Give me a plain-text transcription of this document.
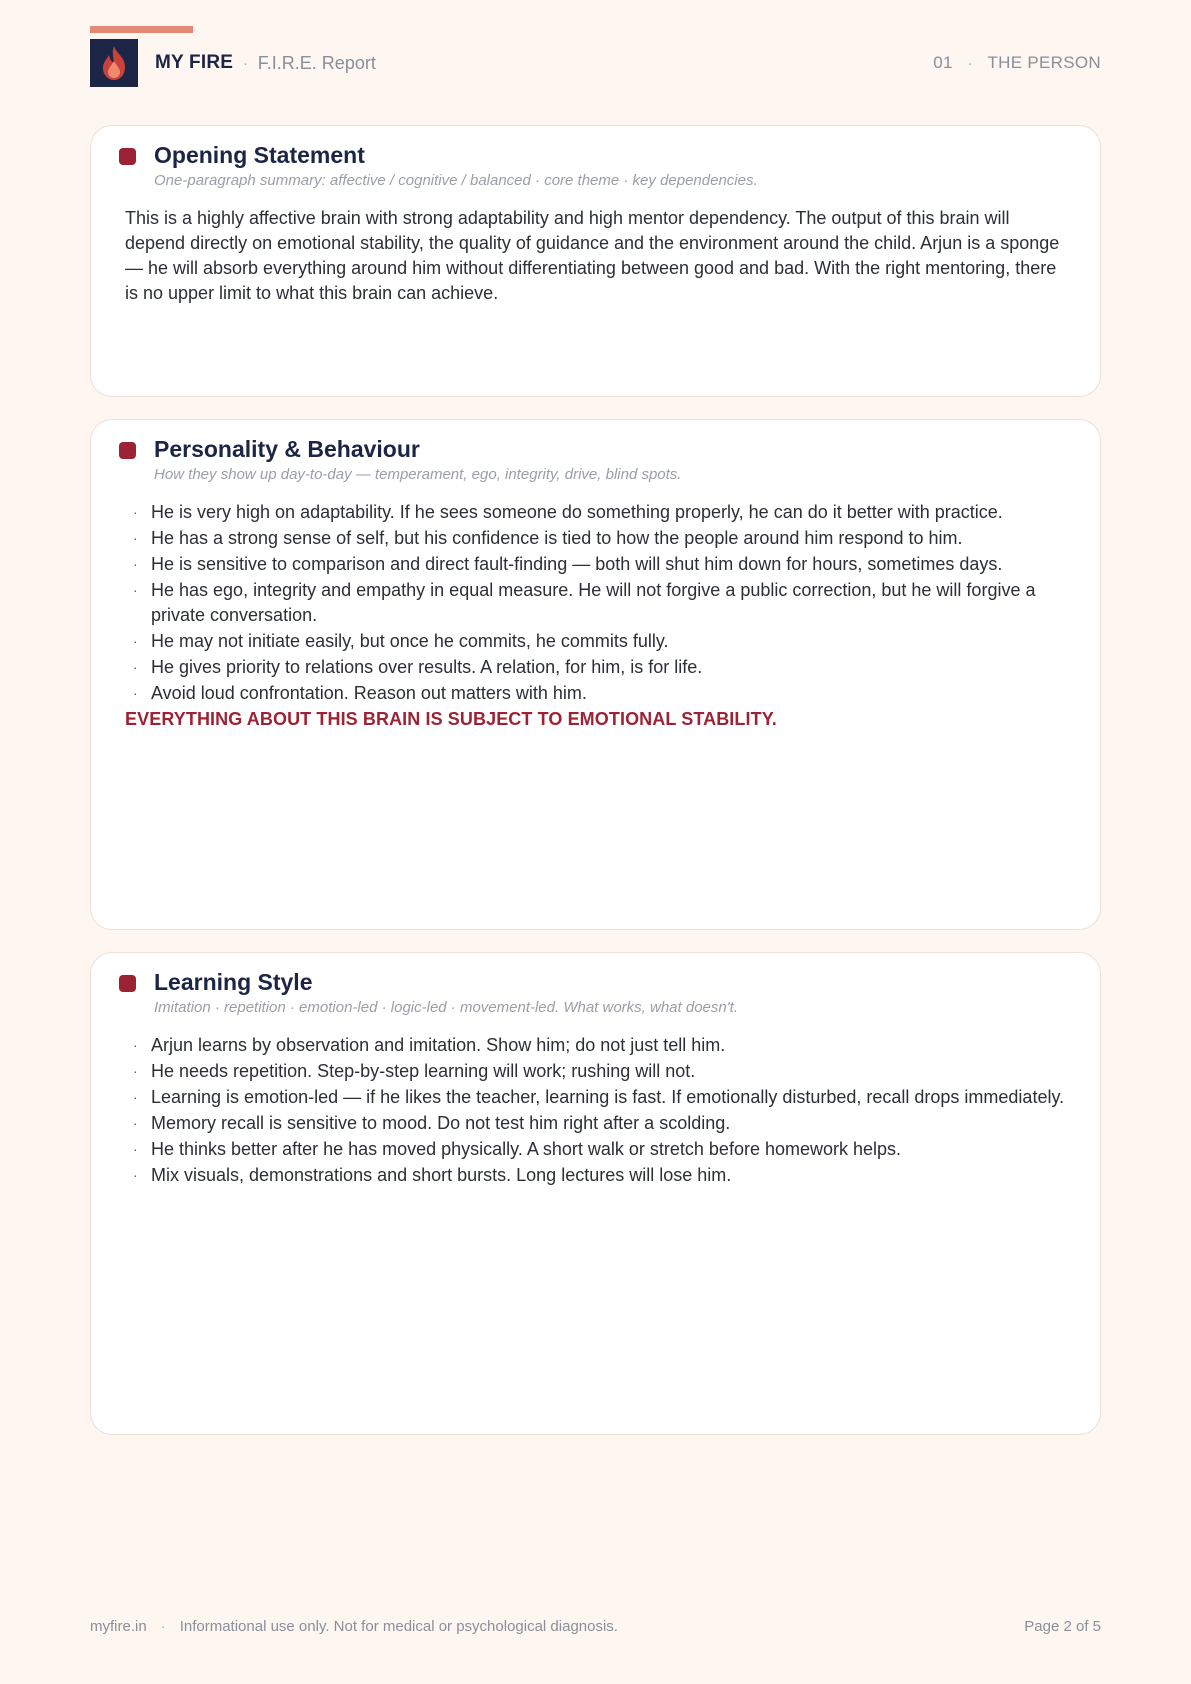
MY FIRE · F.I.R.E. Report	01 · THE PERSON
Opening Statement
One-paragraph summary: affective / cognitive / balanced · core theme · key dependencies.

This is a highly affective brain with strong adaptability and high mentor dependency. The output of this brain will depend directly on emotional stability, the quality of guidance and the environment around the child. Arjun is a sponge — he will absorb everything around him without differentiating between good and bad. With the right mentoring, there is no upper limit to what this brain can achieve.

Personality & Behaviour
How they show up day-to-day — temperament, ego, integrity, drive, blind spots.
· He is very high on adaptability. If he sees someone do something properly, he can do it better with practice.
· He has a strong sense of self, but his confidence is tied to how the people around him respond to him.
· He is sensitive to comparison and direct fault-finding — both will shut him down for hours, sometimes days.
· He has ego, integrity and empathy in equal measure. He will not forgive a public correction, but he will forgive a private conversation.
· He may not initiate easily, but once he commits, he commits fully.
· He gives priority to relations over results. A relation, for him, is for life.
· Avoid loud confrontation. Reason out matters with him.
EVERYTHING ABOUT THIS BRAIN IS SUBJECT TO EMOTIONAL STABILITY.
Learning Style
Imitation · repetition · emotion-led · logic-led · movement-led. What works, what doesn't.
· Arjun learns by observation and imitation. Show him; do not just tell him.
· He needs repetition. Step-by-step learning will work; rushing will not.
· Learning is emotion-led — if he likes the teacher, learning is fast. If emotionally disturbed, recall drops immediately.
· Memory recall is sensitive to mood. Do not test him right after a scolding.
· He thinks better after he has moved physically. A short walk or stretch before homework helps.
· Mix visuals, demonstrations and short bursts. Long lectures will lose him.
myfire.in · Informational use only. Not for medical or psychological diagnosis.	Page 2 of 5
